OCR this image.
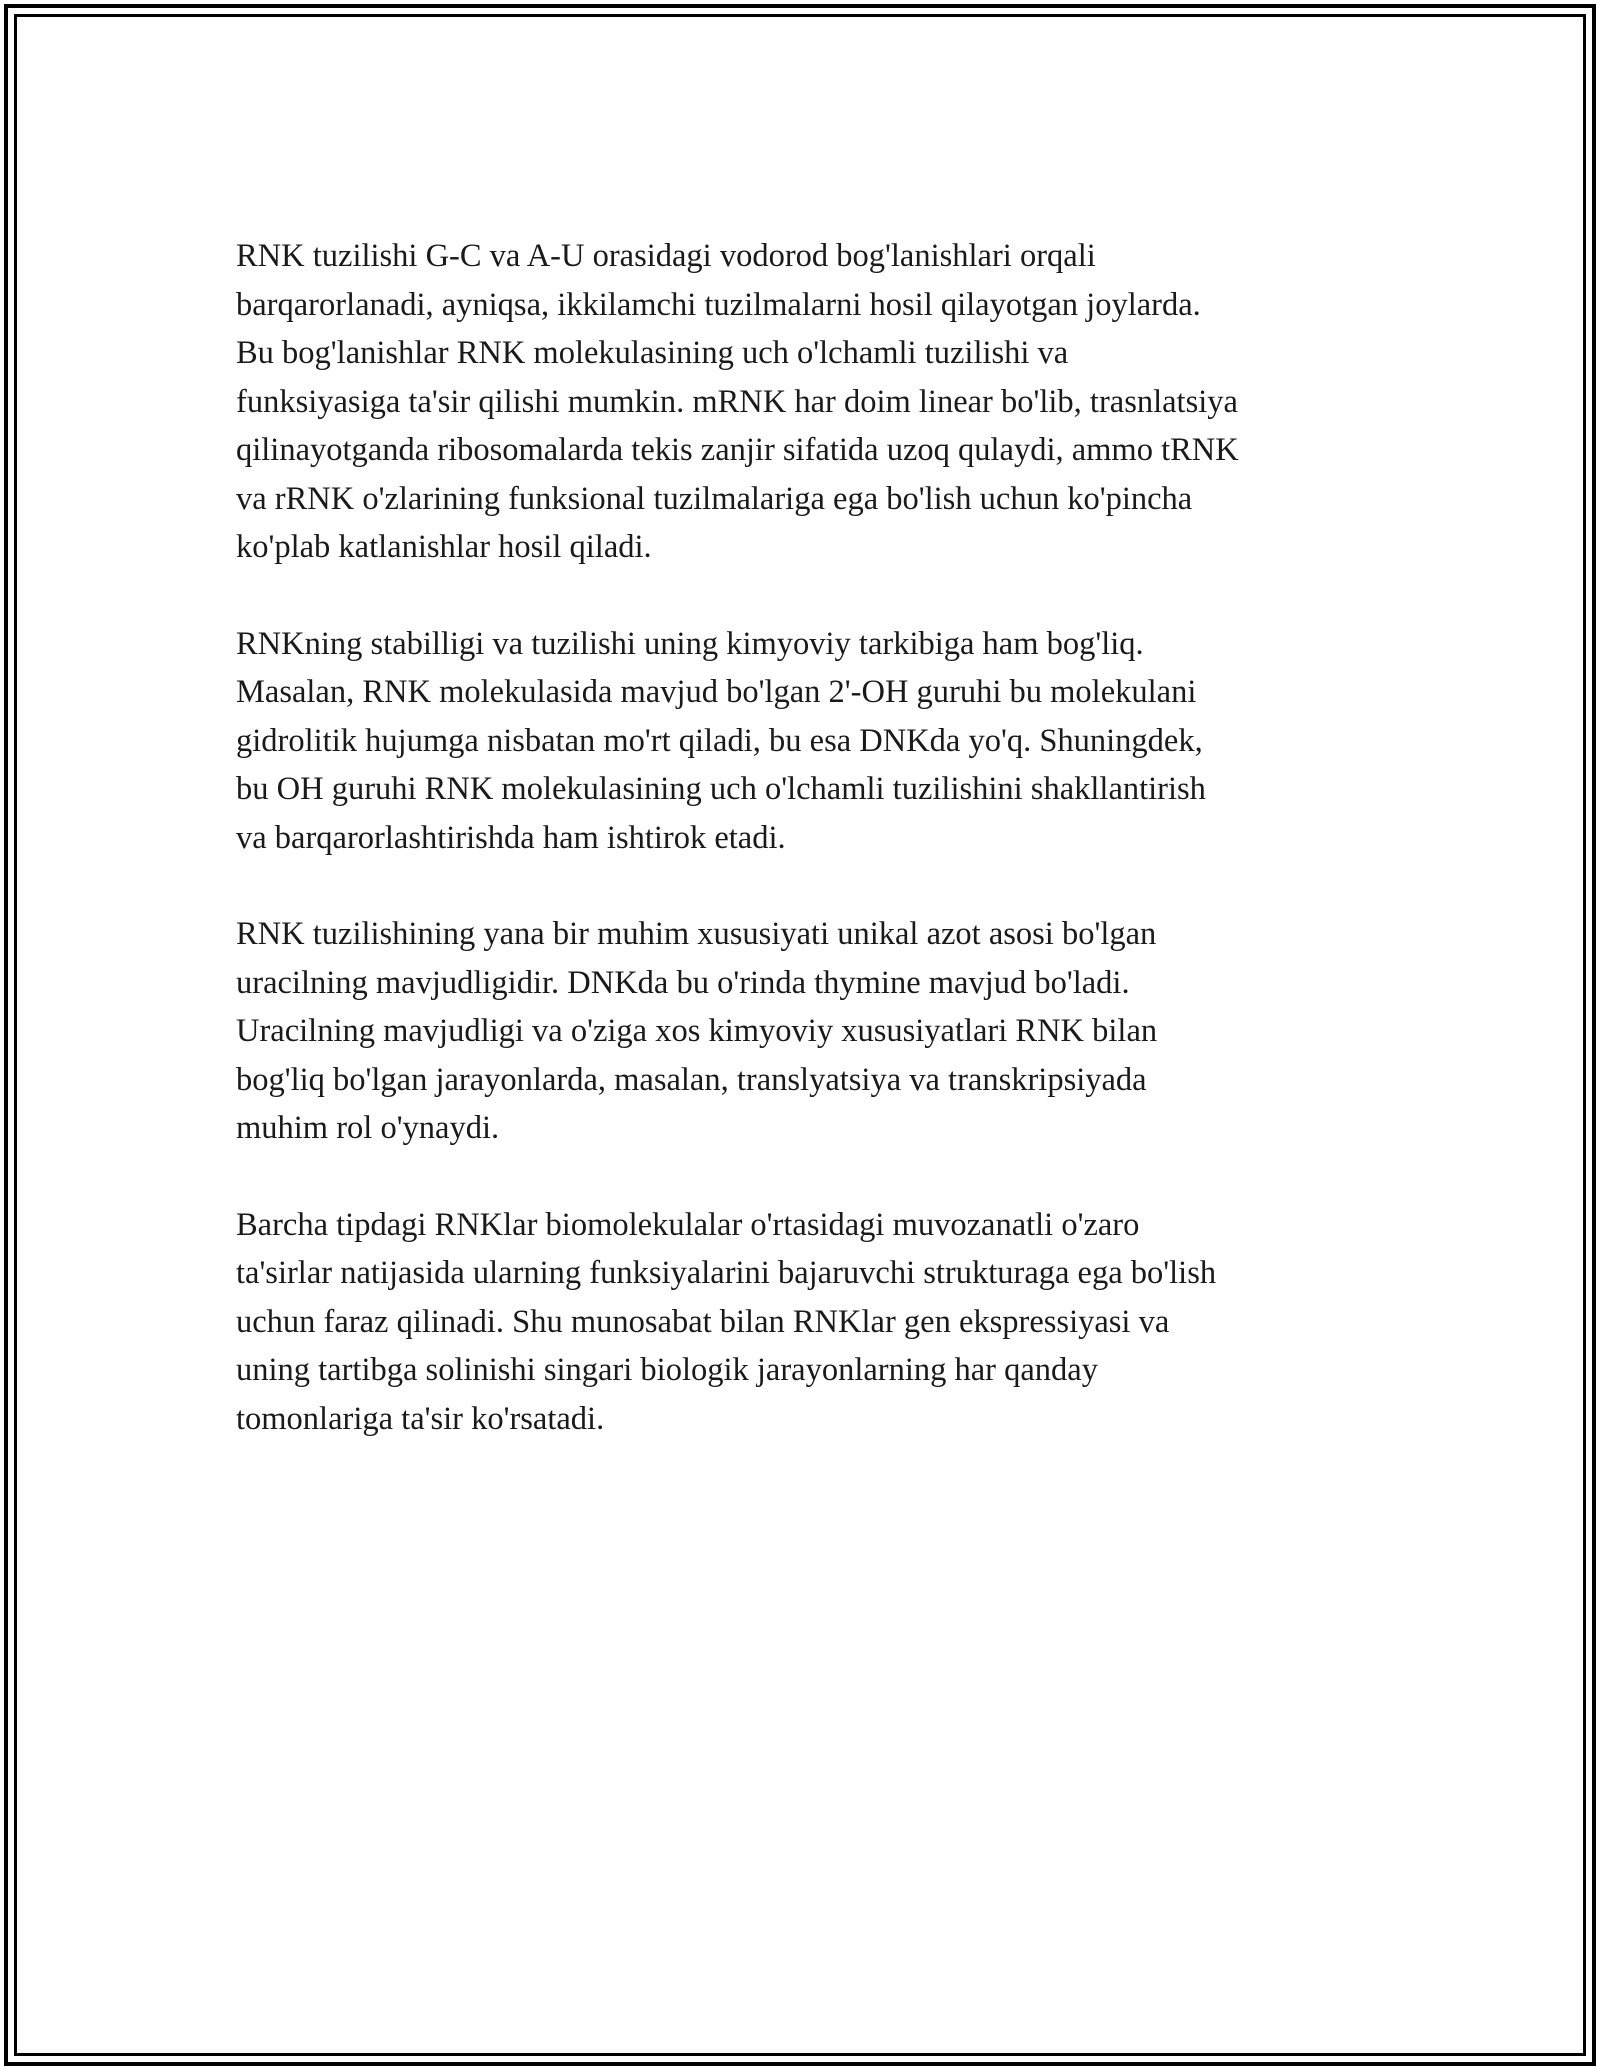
RNK tuzilishi G-C va A-U orasidagi vodorod bog'lanishlari orqali
barqarorlanadi, ayniqsa, ikkilamchi tuzilmalarni hosil qilayotgan joylarda.
Bu bog'lanishlar RNK molekulasining uch o'lchamli tuzilishi va
funksiyasiga ta'sir qilishi mumkin. mRNK har doim linear bo'lib, trasnlatsiya
qilinayotganda ribosomalarda tekis zanjir sifatida uzoq qulaydi, ammo tRNK
va rRNK o'zlarining funksional tuzilmalariga ega bo'lish uchun ko'pincha
ko'plab katlanishlar hosil qiladi.

RNKning stabilligi va tuzilishi uning kimyoviy tarkibiga ham bog'liq.
Masalan, RNK molekulasida mavjud bo'lgan 2'-OH guruhi bu molekulani
gidrolitik hujumga nisbatan mo'rt qiladi, bu esa DNKda yo'q. Shuningdek,
bu OH guruhi RNK molekulasining uch o'lchamli tuzilishini shakllantirish
va barqarorlashtirishda ham ishtirok etadi.

RNK tuzilishining yana bir muhim xususiyati unikal azot asosi bo'lgan
uracilning mavjudligidir. DNKda bu o'rinda thymine mavjud bo'ladi.
Uracilning mavjudligi va o'ziga xos kimyoviy xususiyatlari RNK bilan
bog'liq bo'lgan jarayonlarda, masalan, translyatsiya va transkripsiyada
muhim rol o'ynaydi.

Barcha tipdagi RNKlar biomolekulalar o'rtasidagi muvozanatli o'zaro
ta'sirlar natijasida ularning funksiyalarini bajaruvchi strukturaga ega bo'lish
uchun faraz qilinadi. Shu munosabat bilan RNKlar gen ekspressiyasi va
uning tartibga solinishi singari biologik jarayonlarning har qanday
tomonlariga ta'sir ko'rsatadi.
